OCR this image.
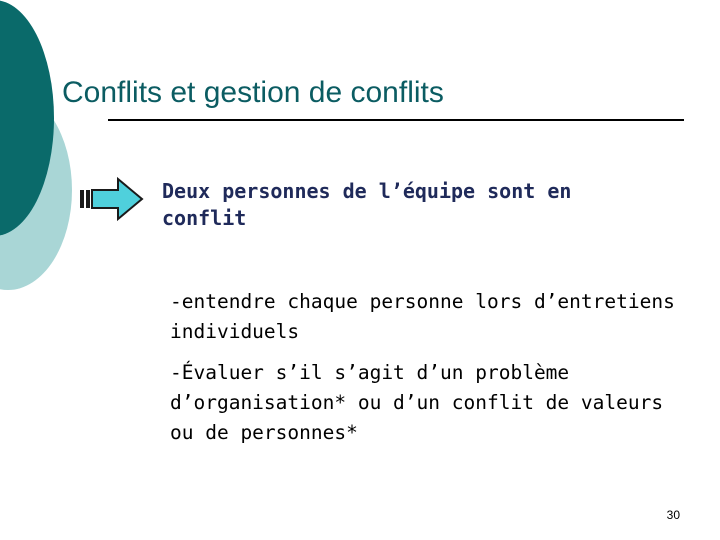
Conflits et gestion de conflits

Deux personnes de l’équipe sont en conflit

-entendre chaque personne lors d’entretiens individuels

-Évaluer s’il s’agit d’un problème d’organisation* ou d’un conflit de valeurs ou de personnes*

30
